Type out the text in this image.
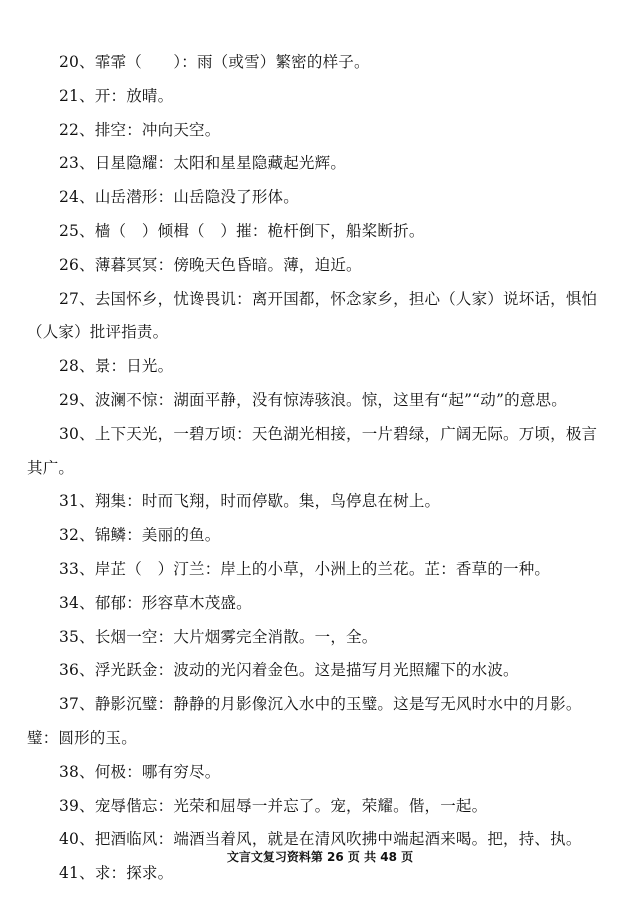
20、霏霏（　　）：雨（或雪）繁密的样子。

21、开：放晴。

22、排空：冲向天空。

23、日星隐耀：太阳和星星隐藏起光辉。

24、山岳潜形：山岳隐没了形体。

25、樯（　）倾楫（　）摧：桅杆倒下，船桨断折。

26、薄暮冥冥：傍晚天色昏暗。薄，迫近。

27、去国怀乡，忧谗畏讥：离开国都，怀念家乡，担心（人家）说坏话，惧怕（人家）批评指责。

28、景：日光。

29、波澜不惊：湖面平静，没有惊涛骇浪。惊，这里有“起”“动”的意思。

30、上下天光，一碧万顷：天色湖光相接，一片碧绿，广阔无际。万顷，极言其广。

31、翔集：时而飞翔，时而停歇。集，鸟停息在树上。

32、锦鳞：美丽的鱼。

33、岸芷（　）汀兰：岸上的小草，小洲上的兰花。芷：香草的一种。

34、郁郁：形容草木茂盛。

35、长烟一空：大片烟雾完全消散。一，全。

36、浮光跃金：波动的光闪着金色。这是描写月光照耀下的水波。

37、静影沉璧：静静的月影像沉入水中的玉璧。这是写无风时水中的月影。璧：圆形的玉。

38、何极：哪有穷尽。

39、宠辱偕忘：光荣和屈辱一并忘了。宠，荣耀。偕，一起。

40、把酒临风：端酒当着风，就是在清风吹拂中端起酒来喝。把，持、执。

41、求：探求。

文言文复习资料第 26 页 共 48 页
